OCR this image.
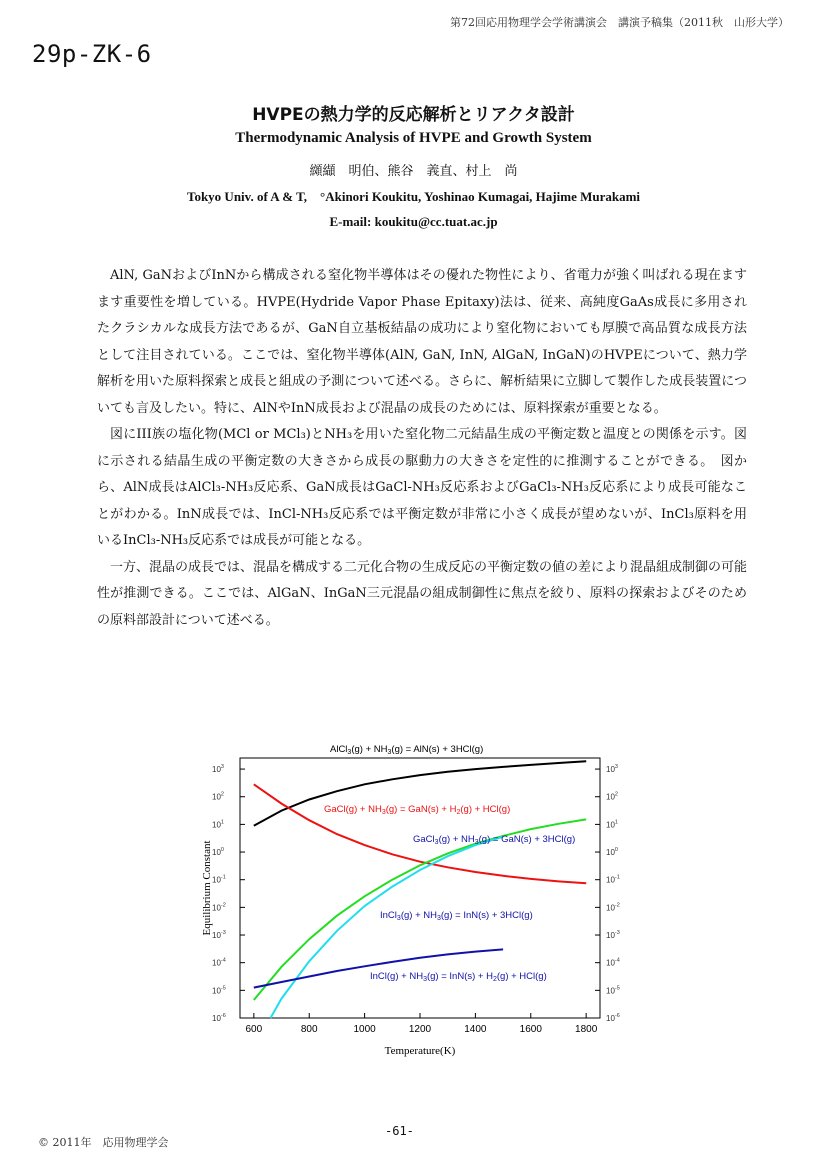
第72回応用物理学会学術講演会　講演予稿集（2011秋　山形大学）
29p-ZK-6
HVPEの熱力学的反応解析とリアクタ設計
Thermodynamic Analysis of HVPE and Growth System
纐纈　明伯、熊谷　義直、村上　尚
Tokyo Univ. of A & T,　°Akinori Koukitu, Yoshinao Kumagai, Hajime Murakami
E-mail: koukitu@cc.tuat.ac.jp

AlN, GaNおよびInNから構成される窒化物半導体はその優れた物性により、省電力が強く叫ばれる現在ますます重要性を増している。HVPE(Hydride Vapor Phase Epitaxy)法は、従来、高純度GaAs成長に多用されたクラシカルな成長方法であるが、GaN自立基板結晶の成功により窒化物においても厚膜で高品質な成長方法として注目されている。ここでは、窒化物半導体(AlN, GaN, InN, AlGaN, InGaN)のHVPEについて、熱力学解析を用いた原料探索と成長と組成の予測について述べる。さらに、解析結果に立脚して製作した成長装置についても言及したい。特に、AlNやInN成長および混晶の成長のためには、原料探索が重要となる。

図にIII族の塩化物(MCl or MCl₃)とNH₃を用いた窒化物二元結晶生成の平衡定数と温度との関係を示す。図に示される結晶生成の平衡定数の大きさから成長の駆動力の大きさを定性的に推測することができる。　図から、AlN成長はAlCl₃-NH₃反応系、GaN成長はGaCl-NH₃反応系およびGaCl₃-NH₃反応系により成長可能なことがわかる。InN成長では、InCl-NH₃反応系では平衡定数が非常に小さく成長が望めないが、InCl₃原料を用いるInCl₃-NH₃反応系では成長が可能となる。

一方、混晶の成長では、混晶を構成する二元化合物の生成反応の平衡定数の値の差により混晶組成制御の可能性が推測できる。ここでは、AlGaN、InGaN三元混晶の組成制御性に焦点を絞り、原料の探索およびそのための原料部設計について述べる。

600	800	1000	1200	1400	1600	1800
$10^3$	$10^3$
$10^2$	$10^2$
$10^1$	$10^1$
$10^0$	$10^0$
$10^{-1}$	$10^{-1}$
$10^{-2}$	$10^{-2}$
$10^{-3}$	$10^{-3}$
$10^{-4}$	$10^{-4}$
$10^{-5}$	$10^{-5}$
$10^{-6}$	$10^{-6}$
Temperature(K)
Equilibrium Constant
AlCl$_3$(g) + $NH_3(g) = AlN(s) + 3HCl(g)$
GaCl(g) + $NH_3(g) = GaN(s) + H_2(g) + HCl(g)$
GaCl$_3$(g) + $NH_3(g) = GaN(s) + 3HCl(g)$
InCl$_3$(g) + $NH_3(g) = InN(s) + 3HCl(g)$
InCl(g) + $NH_3(g) = InN(s) + H_2(g) + HCl(g)$
© 2011年　応用物理学会
-61-
